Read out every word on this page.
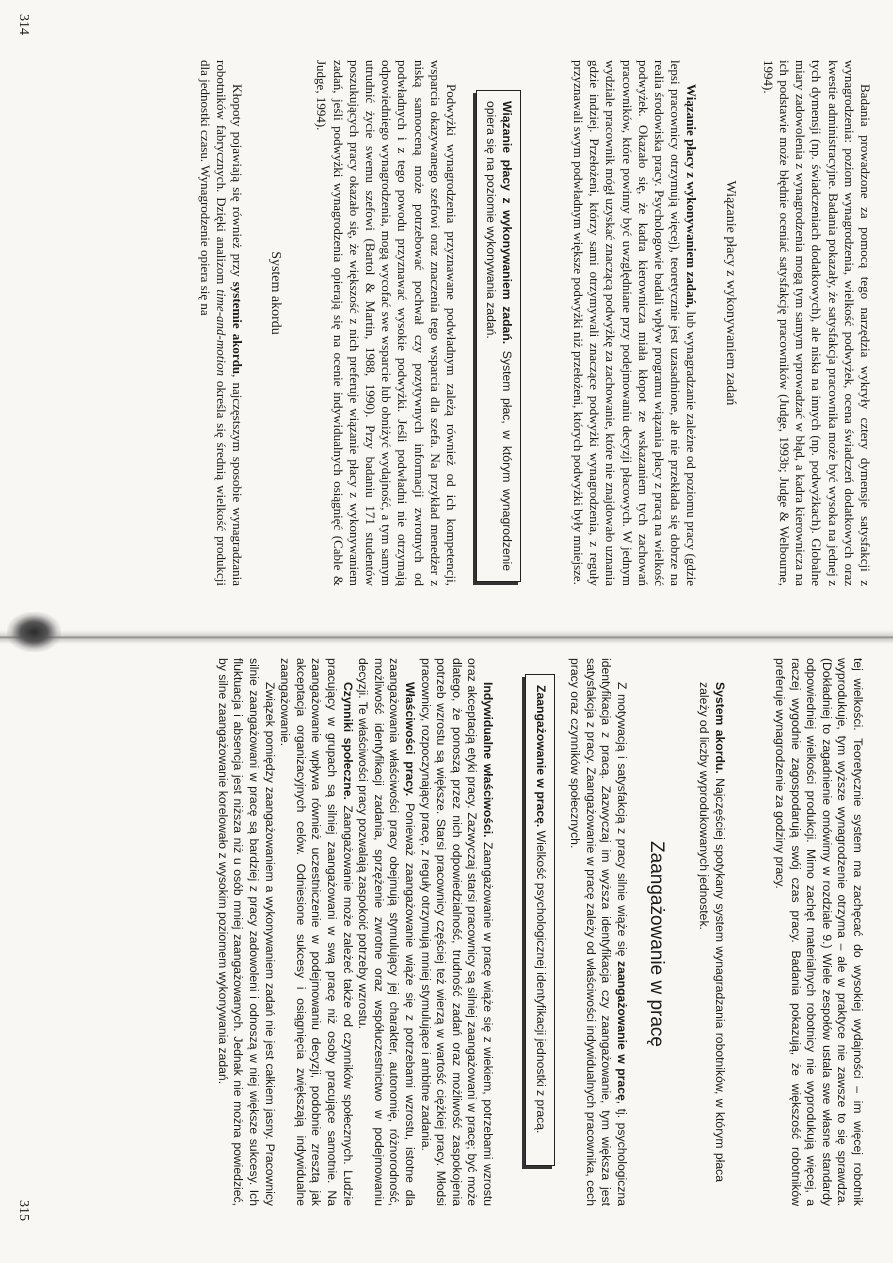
Badania prowadzone za pomocą tego narzędzia wykryły cztery dymensje satysfakcji z wynagrodzenia: poziom wynagrodzenia, wielkość podwyżek, ocena świadczeń dodatkowych oraz kwestie administracyjne. Badania pokazały, że satysfakcja pracownika może być wysoka na jednej z tych dymensji (np. świadczeniach dodatkowych), ale niska na innych (np. podwyżkach). Globalne miary zadowolenia z wynagrodzenia mogą tym samym wprowadzać w błąd, a kadra kierownicza na ich podstawie może błędnie oceniać satysfakcję pracowników (Judge, 1993b; Judge & Welbourne, 1994).

Wiązanie płacy z wykonywaniem zadań

Wiązanie płacy z wykonywaniem zadań, lub wynagradzanie zależne od poziomu pracy (gdzie lepsi pracownicy otrzymują więcej), teoretycznie jest uzasadnione, ale nie przekłada się dobrze na realia środowiska pracy. Psychologowie badali wpływ programu wiązania płacy z pracą na wielkość podwyżek. Okazało się, że kadra kierownicza miała kłopot ze wskazaniem tych zachowań pracowników, które powinny być uwzględniane przy podejmowaniu decyzji płacowych. W jednym wydziale pracownik mógł uzyskać znaczącą podwyżkę za zachowanie, które nie znajdowało uznania gdzie indziej. Przełożeni, którzy sami otrzymywali znaczące podwyżki wynagrodzenia, z reguły przyznawali swym podwładnym większe podwyżki niż przełożeni, których podwyżki były mniejsze.

Wiązanie płacy z wykonywaniem zadań. System płac, w którym wynagrodzenie opiera się na poziomie wykonywania zadań.

Podwyżki wynagrodzenia przyznawane podwładnym zależą również od ich kompetencji, wsparcia okazywanego szefowi oraz znaczenia tego wsparcia dla szefa. Na przykład menedżer z niską samooceną może potrzebować pochwał czy pozytywnych informacji zwrotnych od podwładnych i z tego powodu przyznawać wysokie podwyżki. Jeśli podwładni nie otrzymają odpowiedniego wynagrodzenia, mogą wycofać swe wsparcie lub obniżyć wydajność, a tym samym utrudnić życie swemu szefowi (Bartol & Martin, 1988, 1990). Przy badaniu 171 studentów poszukujących pracy okazało się, że większość z nich preferuje wiązanie płacy z wykonywaniem zadań, jeśli podwyżki wynagrodzenia opierają się na ocenie indywidualnych osiągnięć (Cable & Judge, 1994).

System akordu

Kłopoty pojawiają się również przy systemie akordu, najczęstszym sposobie wynagradzania robotników fabrycznych. Dzięki analizom time-and-motion określa się średnią wielkość produkcji dla jednostki czasu. Wynagrodzenie opiera się na

314

tej wielkości. Teoretycznie system ma zachęcać do wysokiej wydajności – im więcej robotnik wyprodukuje, tym wyższe wynagrodzenie otrzyma – ale w praktyce nie zawsze to się sprawdza. (Dokładniej to zagadnienie omówimy w rozdziale 9.) Wiele zespołów ustala swe własne standardy odpowiedniej wielkości produkcji. Mimo zachęt materialnych robotnicy nie wyprodukują więcej, a raczej wygodnie zagospodarują swój czas pracy. Badania pokazują, że większość robotników preferuje wynagrodzenie za godziny pracy.

System akordu. Najczęściej spotykany system wynagradzania robotników, w którym płaca zależy od liczby wyprodukowanych jednostek.
Zaangażowanie w pracę

Z motywacją i satysfakcją z pracy silnie wiąże się zaangażowanie w pracę, tj. psychologiczna identyfikacja z pracą. Zazwyczaj im wyższa identyfikacja czy zaangażowanie, tym większa jest satysfakcja z pracy. Zaangażowanie w pracę zależy od właściwości indywidualnych pracownika, cech pracy oraz czynników społecznych.

Zaangażowanie w pracę. Wielkość psychologicznej identyfikacji jednostki z pracą.

Indywidualne właściwości. Zaangażowanie w pracę wiąże się z wiekiem, potrzebami wzrostu oraz akceptacją etyki pracy. Zazwyczaj starsi pracownicy są silniej zaangażowani w pracę; być może dlatego, że ponoszą przez nich odpowiedzialność, trudność zadań oraz możliwość zaspokojenia potrzeb wzrostu są większe. Starsi pracownicy częściej też wierzą w wartość ciężkiej pracy. Młodsi pracownicy, rozpoczynający pracę, z reguły otrzymują mniej stymulujące i ambitne zadania.

Właściwości pracy. Ponieważ zaangażowanie wiąże się z potrzebami wzrostu, istotne dla zaangażowania właściwości pracy obejmują stymulujący jej charakter, autonomię, różnorodność, możliwość identyfikacji zadania, sprzężenie zwrotne oraz współuczestnictwo w podejmowaniu decyzji. Te właściwości pracy pozwalają zaspokoić potrzeby wzrostu.

Czynniki społeczne. Zaangażowanie może zależeć także od czynników społecznych. Ludzie pracujący w grupach są silniej zaangażowani w swą pracę niż osoby pracujące samotnie. Na zaangażowanie wpływa również uczestniczenie w podejmowaniu decyzji, podobnie zresztą jak akceptacja organizacyjnych celów. Odniesione sukcesy i osiągnięcia zwiększają indywidualne zaangażowanie.

Związek pomiędzy zaangażowaniem a wykonywaniem zadań nie jest całkiem jasny. Pracownicy silnie zaangażowani w pracę są bardziej z pracy zadowoleni i odnoszą w niej większe sukcesy. Ich fluktuacja i absencja jest niższa niż u osób mniej zaangażowanych. Jednak nie można powiedzieć, by silne zaangażowanie korelowało z wysokim poziomem wykonywania zadań.

315
